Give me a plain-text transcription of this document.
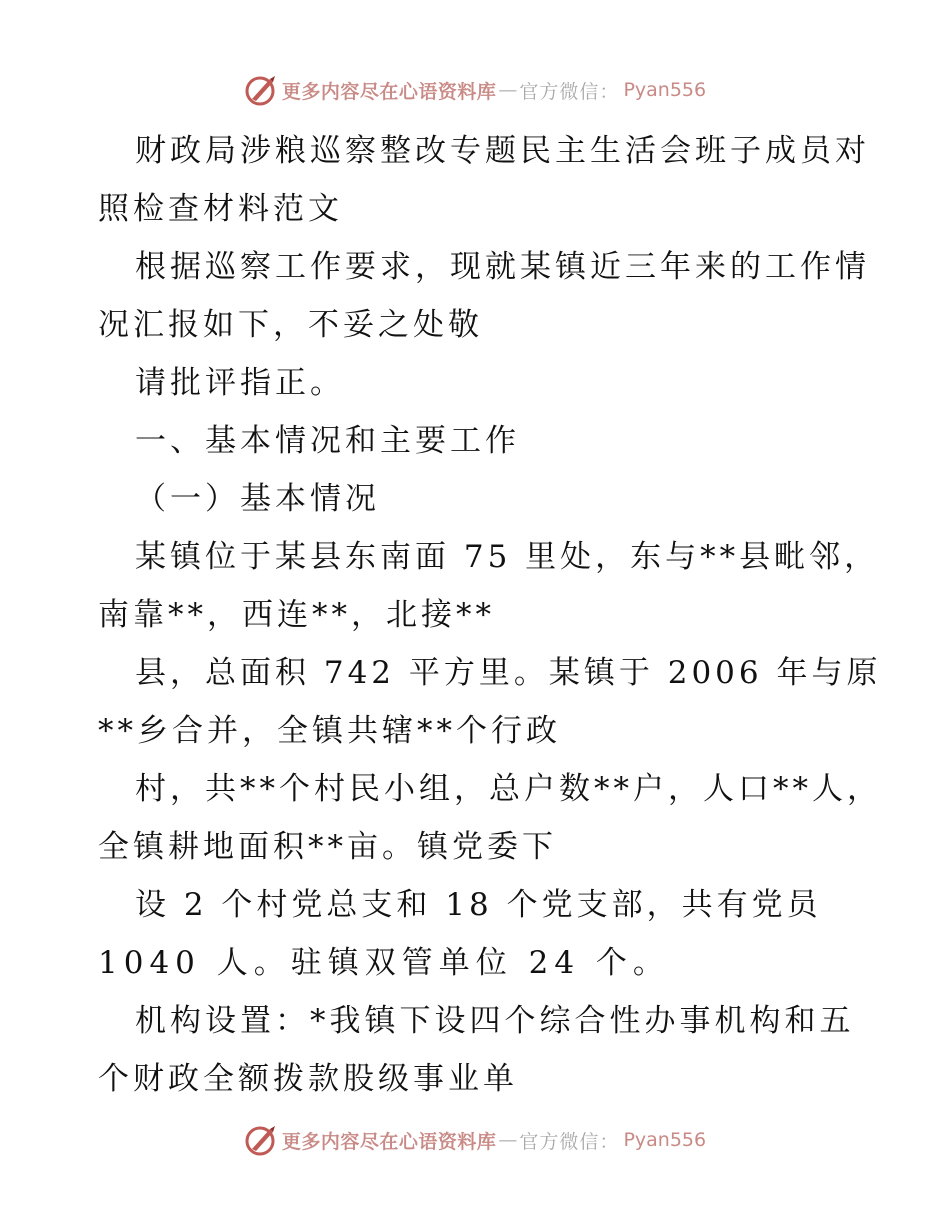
更多内容尽在心语资料库 — 官方微信： Pyan556
财政局涉粮巡察整改专题民主生活会班子成员对
照检查材料范文
根据巡察工作要求，现就某镇近三年来的工作情
况汇报如下，不妥之处敬
请批评指正。
一、基本情况和主要工作
（一）基本情况
某镇位于某县东南面 75 里处，东与**县毗邻，
南靠**，西连**，北接**
县，总面积 742 平方里。某镇于 2006 年与原
**乡合并，全镇共辖**个行政
村，共**个村民小组，总户数**户，人口**人，
全镇耕地面积**亩。镇党委下
设 2 个村党总支和 18 个党支部，共有党员
1040 人。驻镇双管单位 24 个。
机构设置：*我镇下设四个综合性办事机构和五
个财政全额拨款股级事业单
更多内容尽在心语资料库 — 官方微信： Pyan556
